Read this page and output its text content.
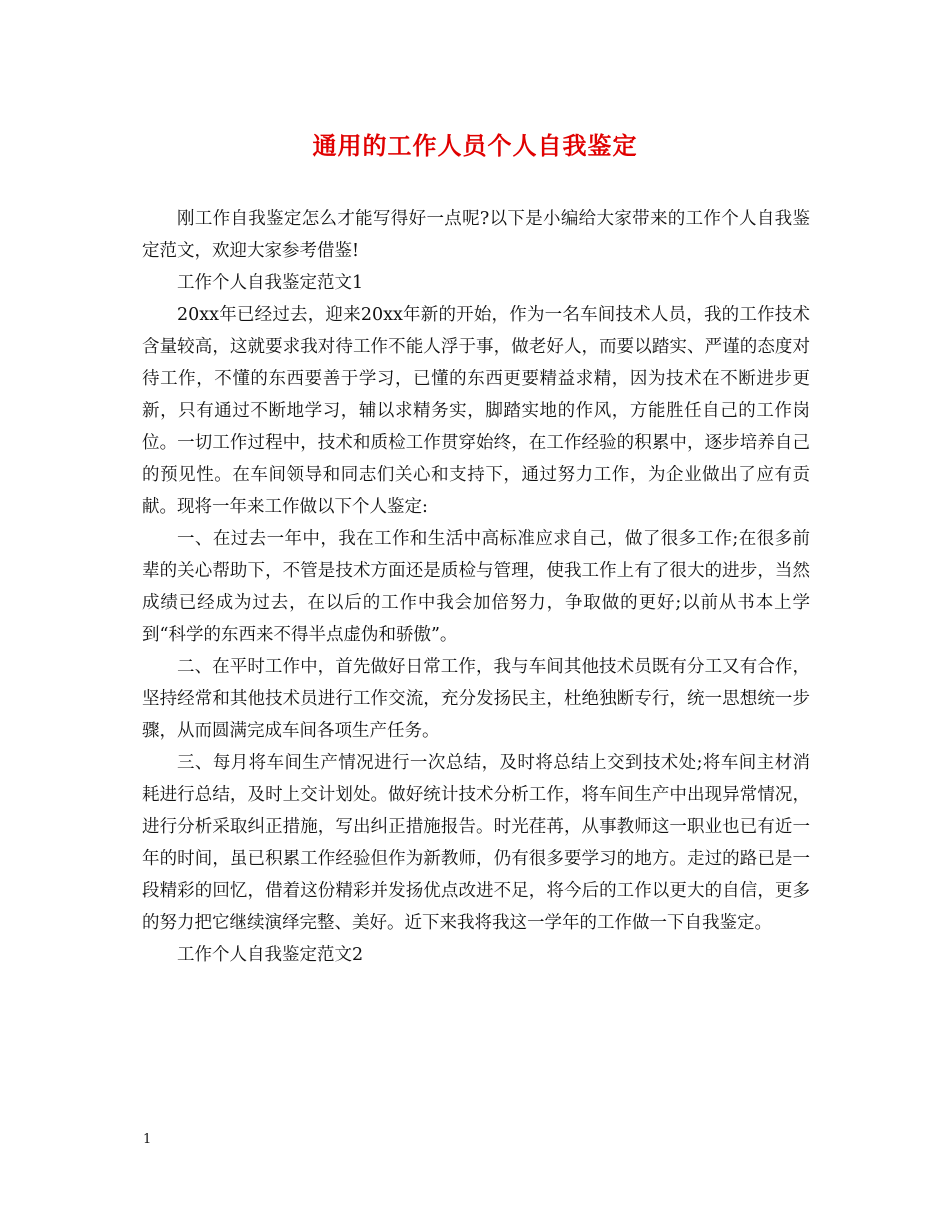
通用的工作人员个人自我鉴定

刚工作自我鉴定怎么才能写得好一点呢?以下是小编给大家带来的工作个人自我鉴定范文，欢迎大家参考借鉴!

工作个人自我鉴定范文1

20xx年已经过去，迎来20xx年新的开始，作为一名车间技术人员，我的工作技术含量较高，这就要求我对待工作不能人浮于事，做老好人，而要以踏实、严谨的态度对待工作，不懂的东西要善于学习，已懂的东西更要精益求精，因为技术在不断进步更新，只有通过不断地学习，辅以求精务实，脚踏实地的作风，方能胜任自己的工作岗位。一切工作过程中，技术和质检工作贯穿始终，在工作经验的积累中，逐步培养自己的预见性。在车间领导和同志们关心和支持下，通过努力工作，为企业做出了应有贡献。现将一年来工作做以下个人鉴定:

一、在过去一年中，我在工作和生活中高标准应求自己，做了很多工作;在很多前辈的关心帮助下，不管是技术方面还是质检与管理，使我工作上有了很大的进步，当然成绩已经成为过去，在以后的工作中我会加倍努力，争取做的更好;以前从书本上学到“科学的东西来不得半点虚伪和骄傲”。

二、在平时工作中，首先做好日常工作，我与车间其他技术员既有分工又有合作，坚持经常和其他技术员进行工作交流，充分发扬民主，杜绝独断专行，统一思想统一步骤，从而圆满完成车间各项生产任务。

三、每月将车间生产情况进行一次总结，及时将总结上交到技术处;将车间主材消耗进行总结，及时上交计划处。做好统计技术分析工作，将车间生产中出现异常情况，进行分析采取纠正措施，写出纠正措施报告。时光荏苒，从事教师这一职业也已有近一年的时间，虽已积累工作经验但作为新教师，仍有很多要学习的地方。走过的路已是一段精彩的回忆，借着这份精彩并发扬优点改进不足，将今后的工作以更大的自信，更多的努力把它继续演绎完整、美好。近下来我将我这一学年的工作做一下自我鉴定。

工作个人自我鉴定范文2

1
